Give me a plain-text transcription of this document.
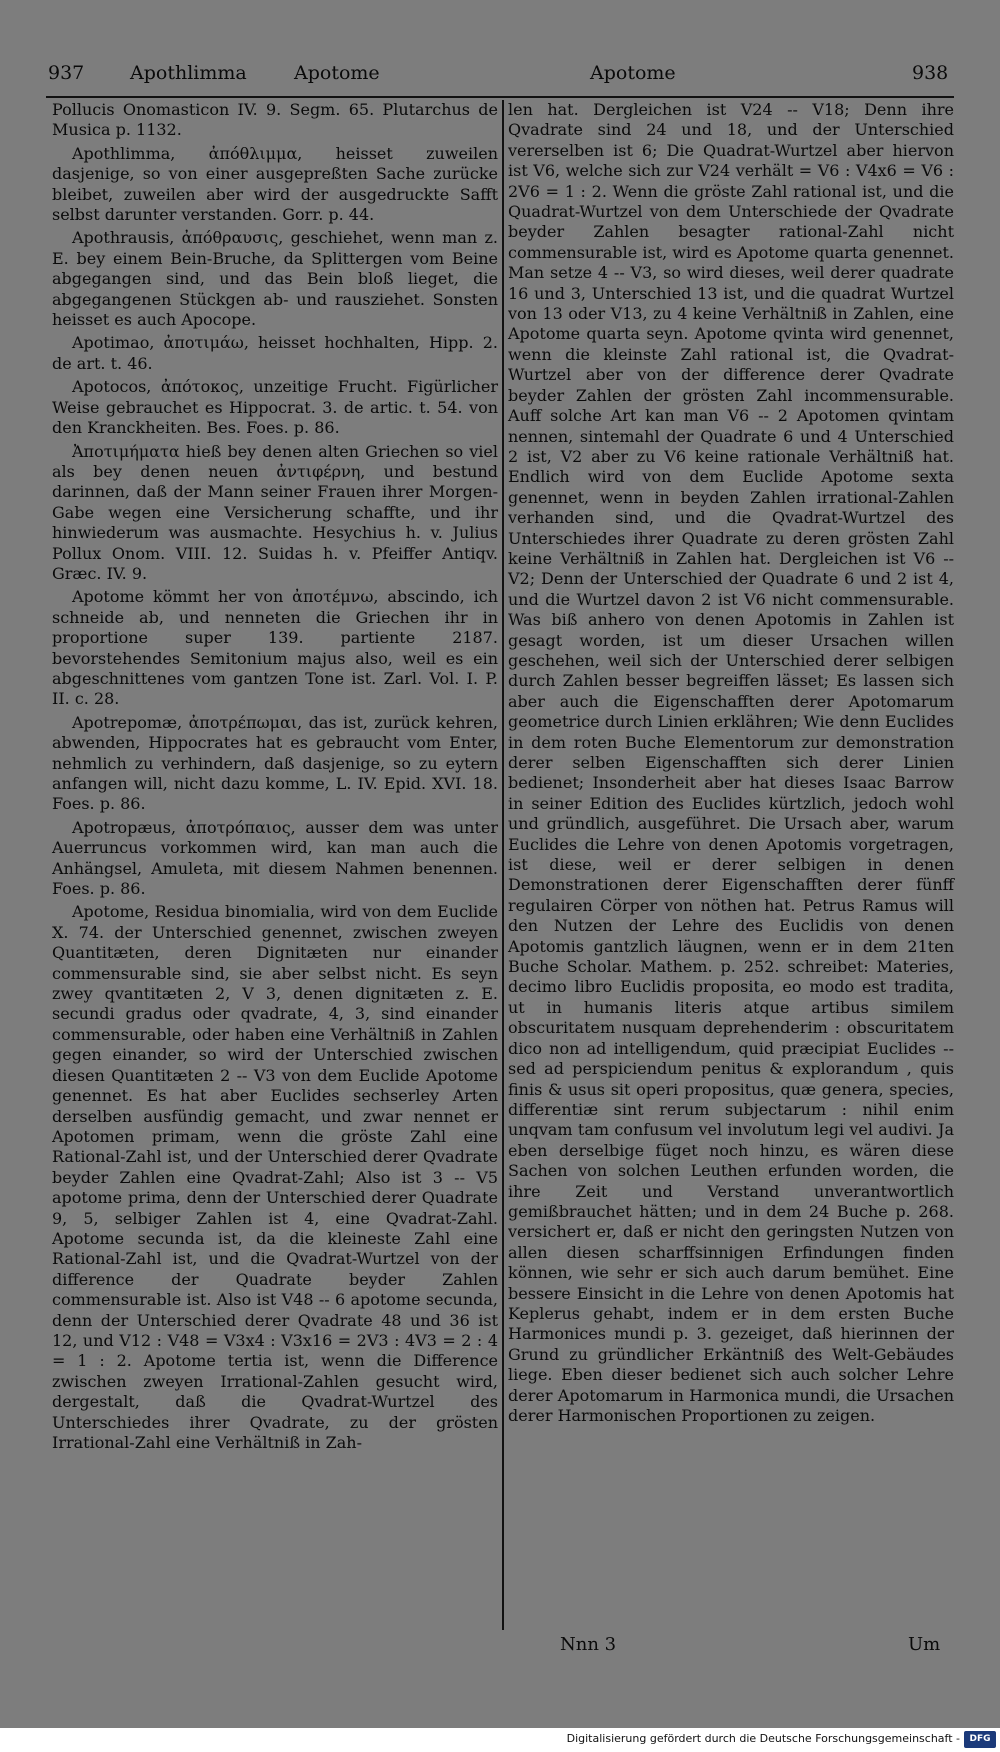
937 Apothlimma Apotome	Apotome	938

Pollucis Onomasticon IV. 9. Segm. 65. Plutarchus de Musica p. 1132.

Apothlimma, ἀπόθλιμμα, heisset zuweilen dasjenige, so von einer ausgepreßten Sache zurücke bleibet, zuweilen aber wird der ausgedruckte Safft selbst darunter verstanden. Gorr. p. 44.

Apothrausis, ἀπόθραυσις, geschiehet, wenn man z. E. bey einem Bein-Bruche, da Splittergen vom Beine abgegangen sind, und das Bein bloß lieget, die abgegangenen Stückgen ab- und rausziehet. Sonsten heisset es auch Apocope.

Apotimao, ἀποτιμάω, heisset hochhalten, Hipp. 2. de art. t. 46.

Apotocos, ἀπότοκος, unzeitige Frucht. Figürlicher Weise gebrauchet es Hippocrat. 3. de artic. t. 54. von den Kranckheiten. Bes. Foes. p. 86.

Ἀποτιμήματα hieß bey denen alten Griechen so viel als bey denen neuen ἀντιφέρνη, und bestund darinnen, daß der Mann seiner Frauen ihrer Morgen-Gabe wegen eine Versicherung schaffte, und ihr hinwiederum was ausmachte. Hesychius h. v. Julius Pollux Onom. VIII. 12. Suidas h. v. Pfeiffer Antiqv. Græc. IV. 9.

Apotome kömmt her von ἀποτέμνω, abscindo, ich schneide ab, und nenneten die Griechen ihr in proportione super 139. partiente 2187. bevorstehendes Semitonium majus also, weil es ein abgeschnittenes vom gantzen Tone ist. Zarl. Vol. I. P. II. c. 28.

Apotrepomæ, ἀποτρέπωμαι, das ist, zurück kehren, abwenden, Hippocrates hat es gebraucht vom Enter, nehmlich zu verhindern, daß dasjenige, so zu eytern anfangen will, nicht dazu komme, L. IV. Epid. XVI. 18. Foes. p. 86.

Apotropæus, ἀποτρόπαιος, ausser dem was unter Auerruncus vorkommen wird, kan man auch die Anhängsel, Amuleta, mit diesem Nahmen benennen. Foes. p. 86.

Apotome, Residua binomialia, wird von dem Euclide X. 74. der Unterschied genennet, zwischen zweyen Quantitæten, deren Dignitæten nur einander commensurable sind, sie aber selbst nicht. Es seyn zwey qvantitæten 2, V 3, denen dignitæten z. E. secundi gradus oder qvadrate, 4, 3, sind einander commensurable, oder haben eine Verhältniß in Zahlen gegen einander, so wird der Unterschied zwischen diesen Quantitæten 2 -- V3 von dem Euclide Apotome genennet. Es hat aber Euclides sechserley Arten derselben ausfündig gemacht, und zwar nennet er Apotomen primam, wenn die gröste Zahl eine Rational-Zahl ist, und der Unterschied derer Qvadrate beyder Zahlen eine Qvadrat-Zahl; Also ist 3 -- V5 apotome prima, denn der Unterschied derer Quadrate 9, 5, selbiger Zahlen ist 4, eine Qvadrat-Zahl. Apotome secunda ist, da die kleineste Zahl eine Rational-Zahl ist, und die Qvadrat-Wurtzel von der difference der Quadrate beyder Zahlen commensurable ist. Also ist V48 -- 6 apotome secunda, denn der Unterschied derer Qvadrate 48 und 36 ist 12, und V12 : V48 = V3x4 : V3x16 = 2V3 : 4V3 = 2 : 4 = 1 : 2. Apotome tertia ist, wenn die Difference zwischen zweyen Irrational-Zahlen gesucht wird, dergestalt, daß die Qvadrat-Wurtzel des Unterschiedes ihrer Qvadrate, zu der grösten Irrational-Zahl eine Verhältniß in Zah-

len hat. Dergleichen ist V24 -- V18; Denn ihre Qvadrate sind 24 und 18, und der Unterschied vererselben ist 6; Die Quadrat-Wurtzel aber hiervon ist V6, welche sich zur V24 verhält = V6 : V4x6 = V6 : 2V6 = 1 : 2. Wenn die gröste Zahl rational ist, und die Quadrat-Wurtzel von dem Unterschiede der Qvadrate beyder Zahlen besagter rational-Zahl nicht commensurable ist, wird es Apotome quarta genennet. Man setze 4 -- V3, so wird dieses, weil derer quadrate 16 und 3, Unterschied 13 ist, und die quadrat Wurtzel von 13 oder V13, zu 4 keine Verhältniß in Zahlen, eine Apotome quarta seyn. Apotome qvinta wird genennet, wenn die kleinste Zahl rational ist, die Qvadrat-Wurtzel aber von der difference derer Qvadrate beyder Zahlen der grösten Zahl incommensurable. Auff solche Art kan man V6 -- 2 Apotomen qvintam nennen, sintemahl der Quadrate 6 und 4 Unterschied 2 ist, V2 aber zu V6 keine rationale Verhältniß hat. Endlich wird von dem Euclide Apotome sexta genennet, wenn in beyden Zahlen irrational-Zahlen verhanden sind, und die Qvadrat-Wurtzel des Unterschiedes ihrer Quadrate zu deren grösten Zahl keine Verhältniß in Zahlen hat. Dergleichen ist V6 -- V2; Denn der Unterschied der Quadrate 6 und 2 ist 4, und die Wurtzel davon 2 ist V6 nicht commensurable. Was biß anhero von denen Apotomis in Zahlen ist gesagt worden, ist um dieser Ursachen willen geschehen, weil sich der Unterschied derer selbigen durch Zahlen besser begreiffen lässet; Es lassen sich aber auch die Eigenschafften derer Apotomarum geometrice durch Linien erklähren; Wie denn Euclides in dem roten Buche Elementorum zur demonstration derer selben Eigenschafften sich derer Linien bedienet; Insonderheit aber hat dieses Isaac Barrow in seiner Edition des Euclides kürtzlich, jedoch wohl und gründlich, ausgeführet. Die Ursach aber, warum Euclides die Lehre von denen Apotomis vorgetragen, ist diese, weil er derer selbigen in denen Demonstrationen derer Eigenschafften derer fünff regulairen Cörper von nöthen hat. Petrus Ramus will den Nutzen der Lehre des Euclidis von denen Apotomis gantzlich läugnen, wenn er in dem 21ten Buche Scholar. Mathem. p. 252. schreibet: Materies, decimo libro Euclidis proposita, eo modo est tradita, ut in humanis literis atque artibus similem obscuritatem nusquam deprehenderim : obscuritatem dico non ad intelligendum, quid præcipiat Euclides -- sed ad perspiciendum penitus & explorandum , quis finis & usus sit operi propositus, quæ genera, species, differentiæ sint rerum subjectarum : nihil enim unqvam tam confusum vel involutum legi vel audivi. Ja eben derselbige füget noch hinzu, es wären diese Sachen von solchen Leuthen erfunden worden, die ihre Zeit und Verstand unverantwortlich gemißbrauchet hätten; und in dem 24 Buche p. 268. versichert er, daß er nicht den geringsten Nutzen von allen diesen scharffsinnigen Erfindungen finden können, wie sehr er sich auch darum bemühet. Eine bessere Einsicht in die Lehre von denen Apotomis hat Keplerus gehabt, indem er in dem ersten Buche Harmonices mundi p. 3. gezeiget, daß hierinnen der Grund zu gründlicher Erkäntniß des Welt-Gebäudes liege. Eben dieser bedienet sich auch solcher Lehre derer Apotomarum in Harmonica mundi, die Ursachen derer Harmonischen Proportionen zu zeigen.

Nnn 3	Um
Digitalisierung gefördert durch die Deutsche Forschungsgemeinschaft -	DFG
